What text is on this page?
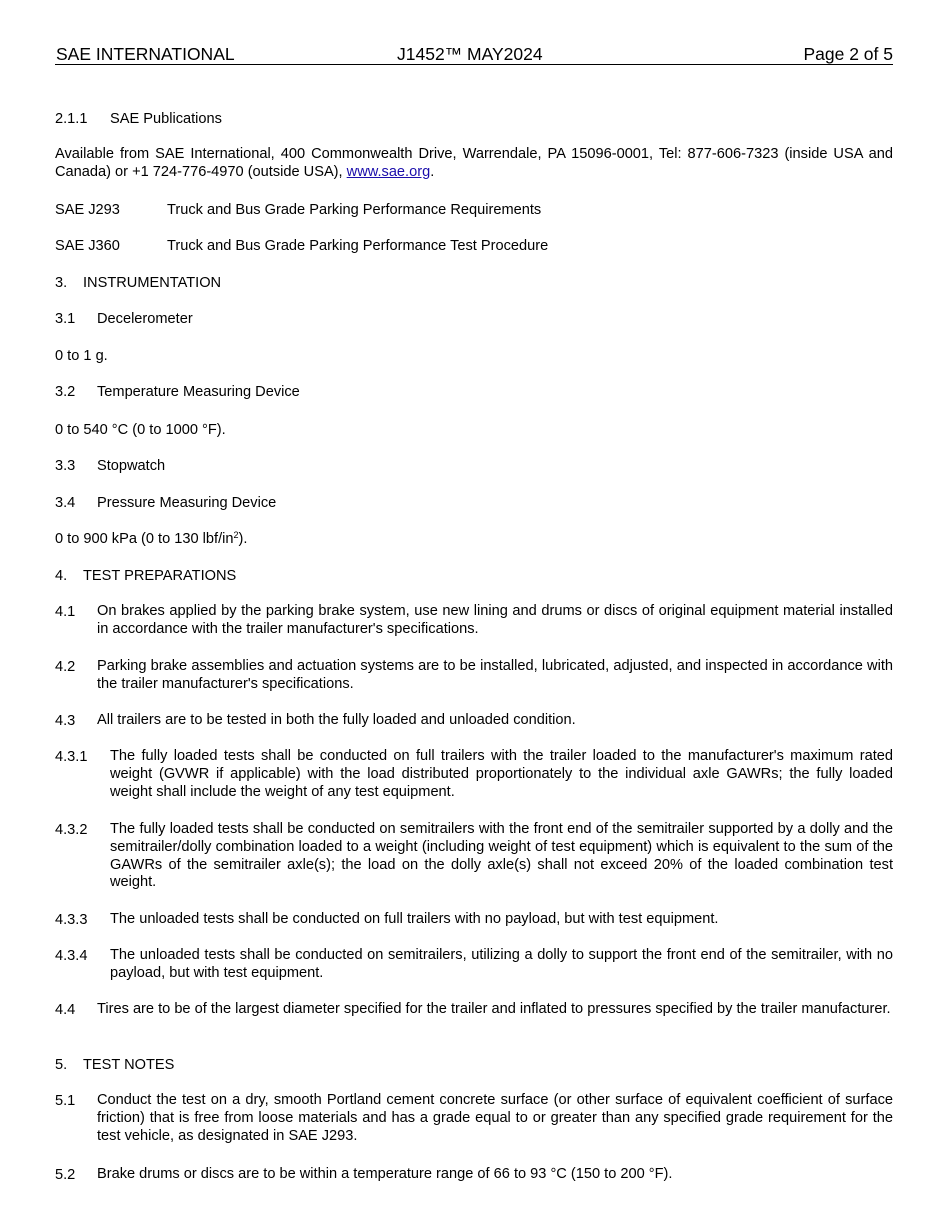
SAE INTERNATIONAL	J1452™ MAY2024	Page 2 of 5
2.1.1 SAE Publications
Available from SAE International, 400 Commonwealth Drive, Warrendale, PA 15096-0001, Tel: 877-606-7323 (inside USA and Canada) or +1 724-776-4970 (outside USA), www.sae.org.
SAE J293	Truck and Bus Grade Parking Performance Requirements
SAE J360	Truck and Bus Grade Parking Performance Test Procedure
3. INSTRUMENTATION
3.1 Decelerometer
0 to 1 g.
3.2 Temperature Measuring Device
0 to 540 °C (0 to 1000 °F).
3.3 Stopwatch
3.4 Pressure Measuring Device
0 to 900 kPa (0 to 130 lbf/$in^2$).
4. TEST PREPARATIONS
4.1 On brakes applied by the parking brake system, use new lining and drums or discs of original equipment material installed in accordance with the trailer manufacturer's specifications.
4.2 Parking brake assemblies and actuation systems are to be installed, lubricated, adjusted, and inspected in accordance with the trailer manufacturer's specifications.
4.3 All trailers are to be tested in both the fully loaded and unloaded condition.
4.3.1 The fully loaded tests shall be conducted on full trailers with the trailer loaded to the manufacturer's maximum rated weight (GVWR if applicable) with the load distributed proportionately to the individual axle GAWRs; the fully loaded weight shall include the weight of any test equipment.
4.3.2 The fully loaded tests shall be conducted on semitrailers with the front end of the semitrailer supported by a dolly and the semitrailer/dolly combination loaded to a weight (including weight of test equipment) which is equivalent to the sum of the GAWRs of the semitrailer axle(s); the load on the dolly axle(s) shall not exceed 20% of the loaded combination test weight.
4.3.3 The unloaded tests shall be conducted on full trailers with no payload, but with test equipment.
4.3.4 The unloaded tests shall be conducted on semitrailers, utilizing a dolly to support the front end of the semitrailer, with no payload, but with test equipment.
4.4 Tires are to be of the largest diameter specified for the trailer and inflated to pressures specified by the trailer manufacturer.
5. TEST NOTES
5.1 Conduct the test on a dry, smooth Portland cement concrete surface (or other surface of equivalent coefficient of surface friction) that is free from loose materials and has a grade equal to or greater than any specified grade requirement for the test vehicle, as designated in SAE J293.
5.2 Brake drums or discs are to be within a temperature range of 66 to 93 °C (150 to 200 °F).
